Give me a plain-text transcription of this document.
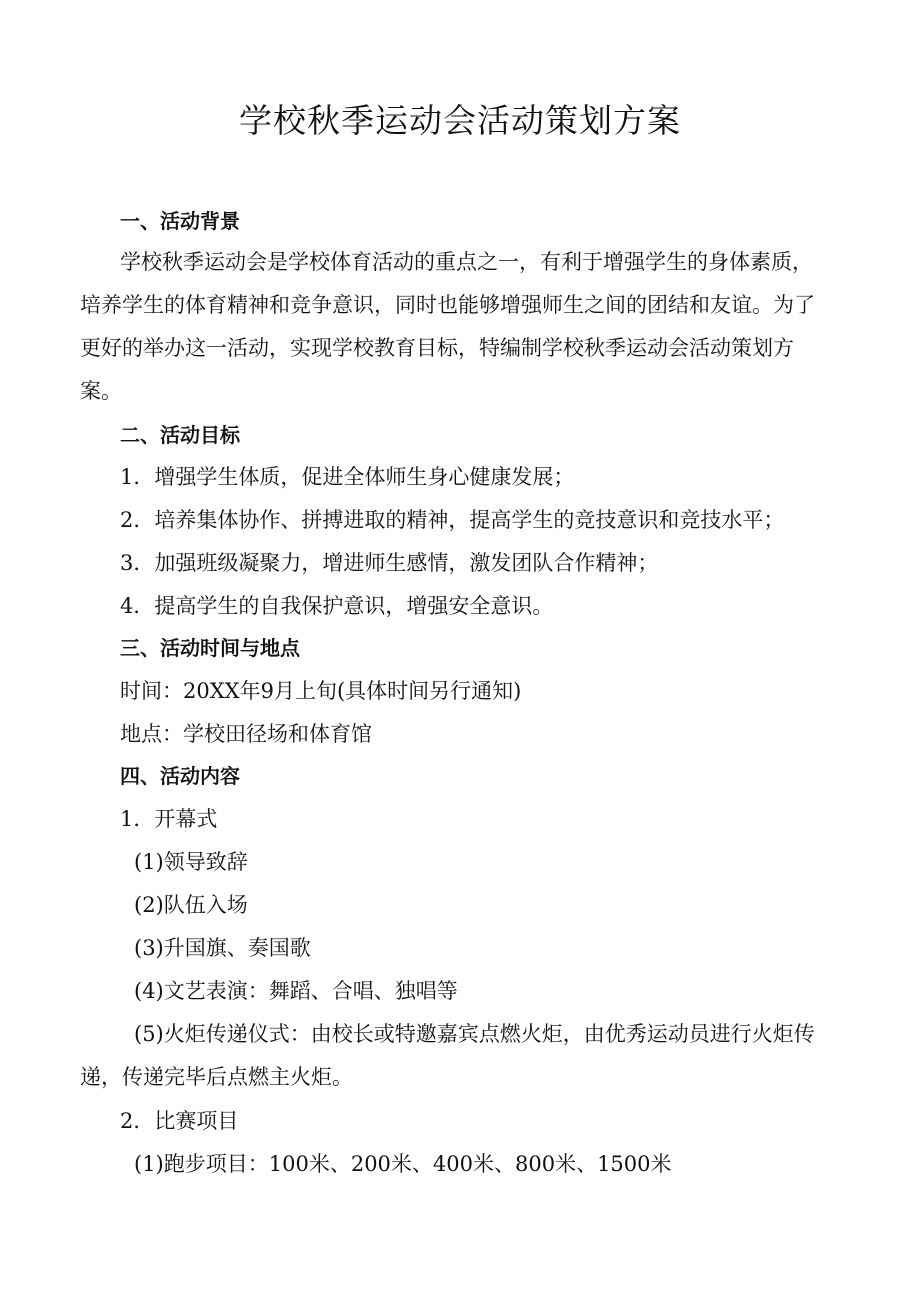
学校秋季运动会活动策划方案
一、活动背景
学校秋季运动会是学校体育活动的重点之一，有利于增强学生的身体素质，
培养学生的体育精神和竞争意识，同时也能够增强师生之间的团结和友谊。为了
更好的举办这一活动，实现学校教育目标，特编制学校秋季运动会活动策划方
案。
二、活动目标
1．增强学生体质，促进全体师生身心健康发展；
2．培养集体协作、拼搏进取的精神，提高学生的竞技意识和竞技水平；
3．加强班级凝聚力，增进师生感情，激发团队合作精神；
4．提高学生的自我保护意识，增强安全意识。
三、活动时间与地点
时间：20XX年9月上旬(具体时间另行通知)
地点：学校田径场和体育馆
四、活动内容
1．开幕式
(1)领导致辞
(2)队伍入场
(3)升国旗、奏国歌
(4)文艺表演：舞蹈、合唱、独唱等
(5)火炬传递仪式：由校长或特邀嘉宾点燃火炬，由优秀运动员进行火炬传
递，传递完毕后点燃主火炬。
2．比赛项目
(1)跑步项目：100米、200米、400米、800米、1500米
